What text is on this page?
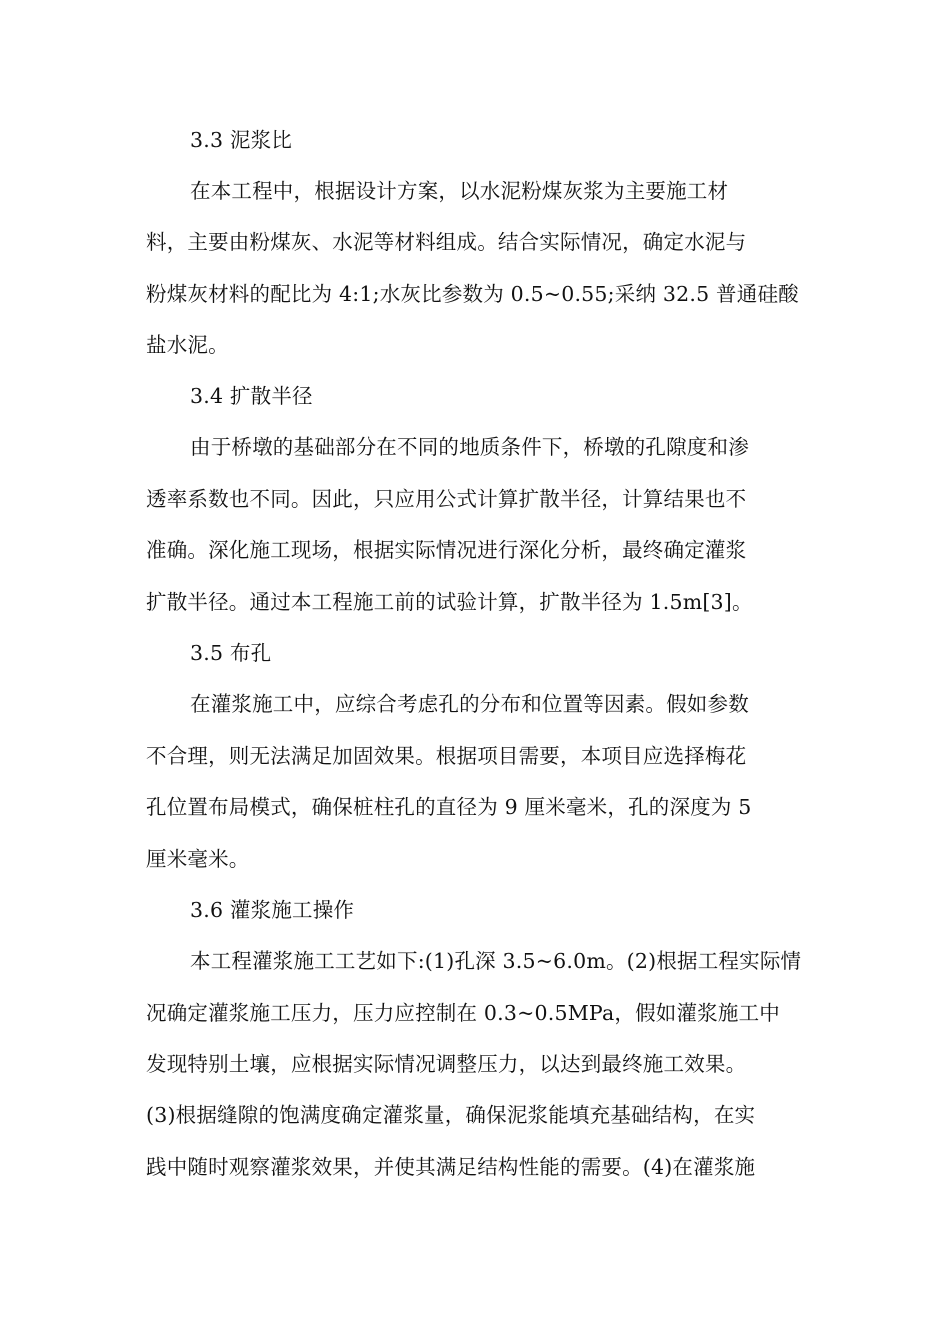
3.3 泥浆比
在本工程中，根据设计方案，以水泥粉煤灰浆为主要施工材
料，主要由粉煤灰、水泥等材料组成。结合实际情况，确定水泥与
粉煤灰材料的配比为 4:1;水灰比参数为 0.5~0.55;采纳 32.5 普通硅酸
盐水泥。
3.4 扩散半径
由于桥墩的基础部分在不同的地质条件下，桥墩的孔隙度和渗
透率系数也不同。因此，只应用公式计算扩散半径，计算结果也不
准确。深化施工现场，根据实际情况进行深化分析，最终确定灌浆
扩散半径。通过本工程施工前的试验计算，扩散半径为 1.5m[3]。
3.5 布孔
在灌浆施工中，应综合考虑孔的分布和位置等因素。假如参数
不合理，则无法满足加固效果。根据项目需要，本项目应选择梅花
孔位置布局模式，确保桩柱孔的直径为 9 厘米毫米，孔的深度为 5
厘米毫米。
3.6 灌浆施工操作
本工程灌浆施工工艺如下:(1)孔深 3.5~6.0m。(2)根据工程实际情
况确定灌浆施工压力，压力应控制在 0.3~0.5MPa，假如灌浆施工中
发现特别土壤，应根据实际情况调整压力，以达到最终施工效果。
(3)根据缝隙的饱满度确定灌浆量，确保泥浆能填充基础结构，在实
践中随时观察灌浆效果，并使其满足结构性能的需要。(4)在灌浆施
